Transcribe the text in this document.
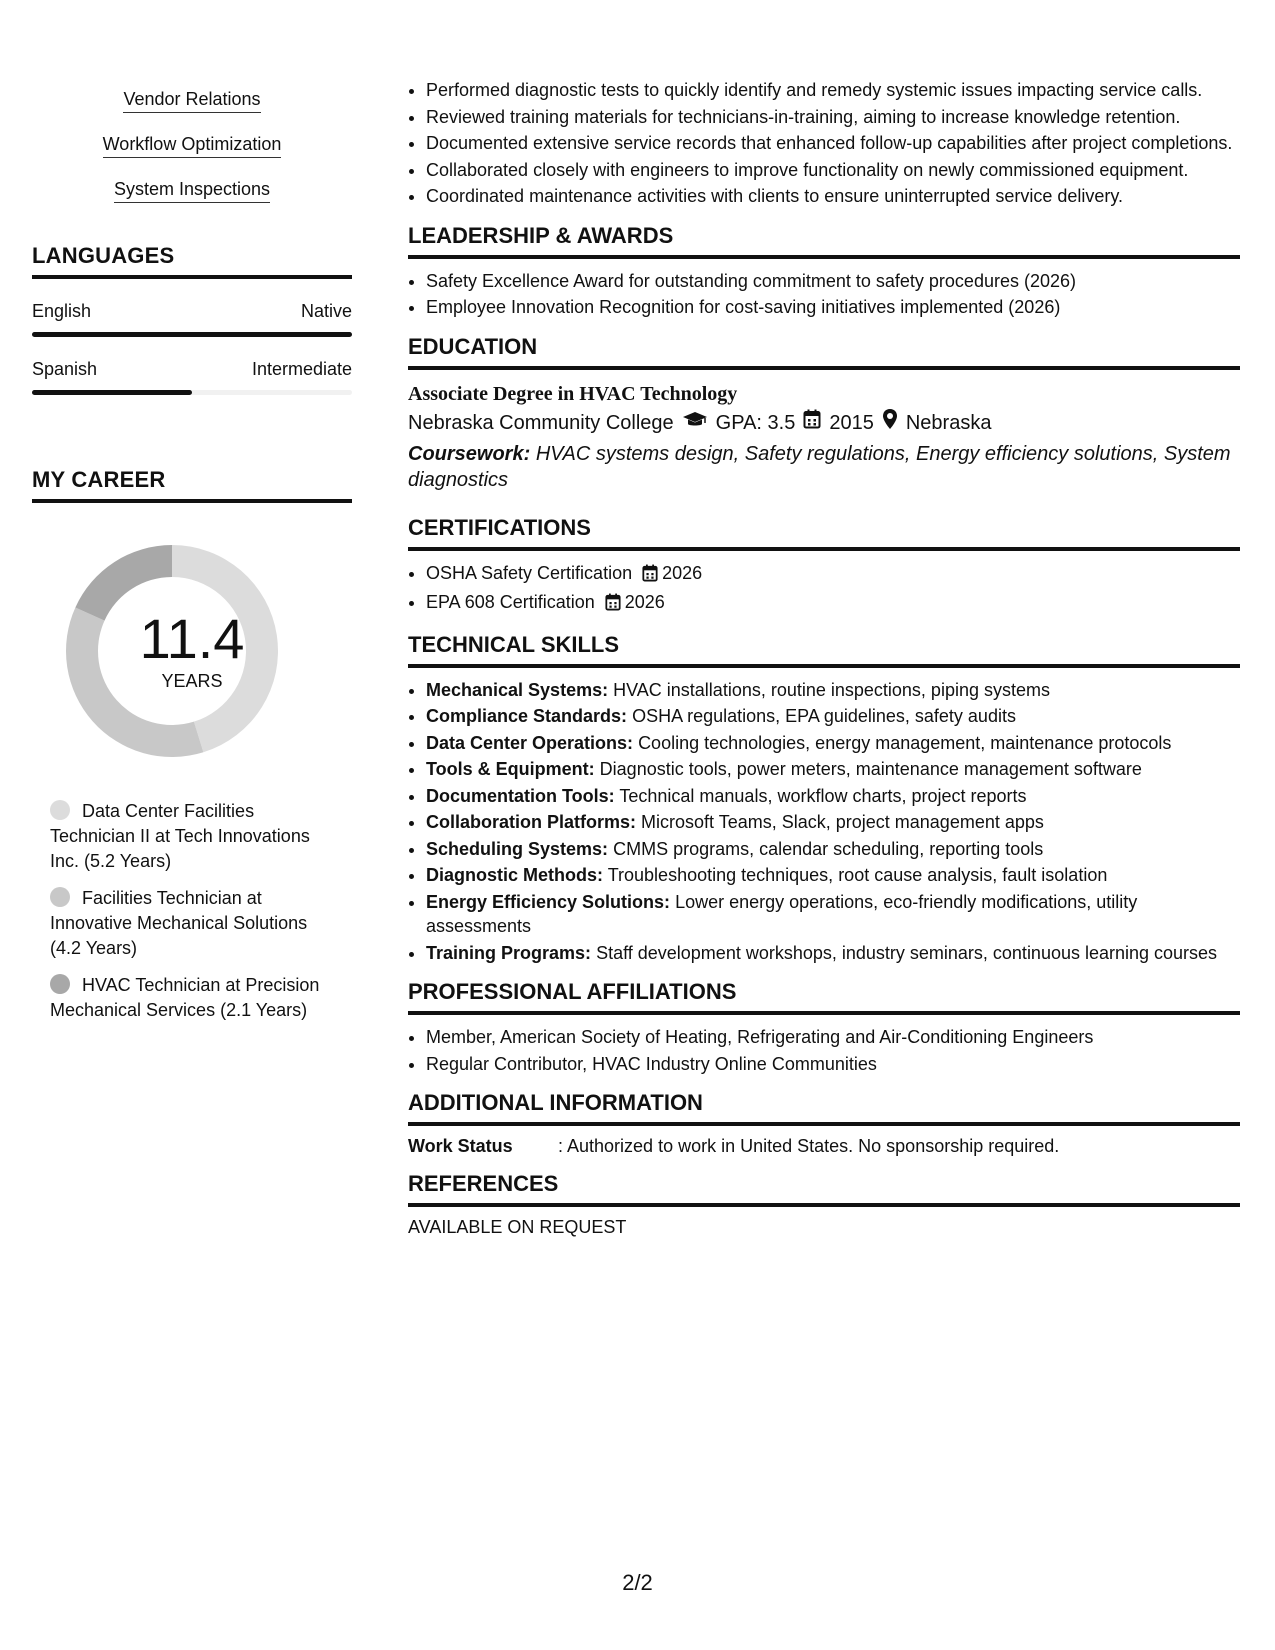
Vendor Relations
Workflow Optimization
System Inspections
LANGUAGES
English	Native
Spanish	Intermediate
MY CAREER
11.4
YEARS
Data Center Facilities Technician II at Tech Innovations Inc. (5.2 Years)
Facilities Technician at Innovative Mechanical Solutions (4.2 Years)
HVAC Technician at Precision Mechanical Services (2.1 Years)
• Performed diagnostic tests to quickly identify and remedy systemic issues impacting service calls.
• Reviewed training materials for technicians-in-training, aiming to increase knowledge retention.
• Documented extensive service records that enhanced follow-up capabilities after project completions.
• Collaborated closely with engineers to improve functionality on newly commissioned equipment.
• Coordinated maintenance activities with clients to ensure uninterrupted service delivery.
LEADERSHIP & AWARDS
• Safety Excellence Award for outstanding commitment to safety procedures (2026)
• Employee Innovation Recognition for cost-saving initiatives implemented (2026)
EDUCATION
Associate Degree in HVAC Technology
Nebraska Community College GPA: 3.5 2015 Nebraska
Coursework: HVAC systems design, Safety regulations, Energy efficiency solutions, System diagnostics
CERTIFICATIONS
• OSHA Safety Certification 2026
• EPA 608 Certification 2026
TECHNICAL SKILLS
• Mechanical Systems: HVAC installations, routine inspections, piping systems
• Compliance Standards: OSHA regulations, EPA guidelines, safety audits
• Data Center Operations: Cooling technologies, energy management, maintenance protocols
• Tools & Equipment: Diagnostic tools, power meters, maintenance management software
• Documentation Tools: Technical manuals, workflow charts, project reports
• Collaboration Platforms: Microsoft Teams, Slack, project management apps
• Scheduling Systems: CMMS programs, calendar scheduling, reporting tools
• Diagnostic Methods: Troubleshooting techniques, root cause analysis, fault isolation
• Energy Efficiency Solutions: Lower energy operations, eco-friendly modifications, utility assessments
• Training Programs: Staff development workshops, industry seminars, continuous learning courses
PROFESSIONAL AFFILIATIONS
• Member, American Society of Heating, Refrigerating and Air-Conditioning Engineers
• Regular Contributor, HVAC Industry Online Communities
ADDITIONAL INFORMATION
Work Status	: Authorized to work in United States. No sponsorship required.
REFERENCES
AVAILABLE ON REQUEST
2/2
